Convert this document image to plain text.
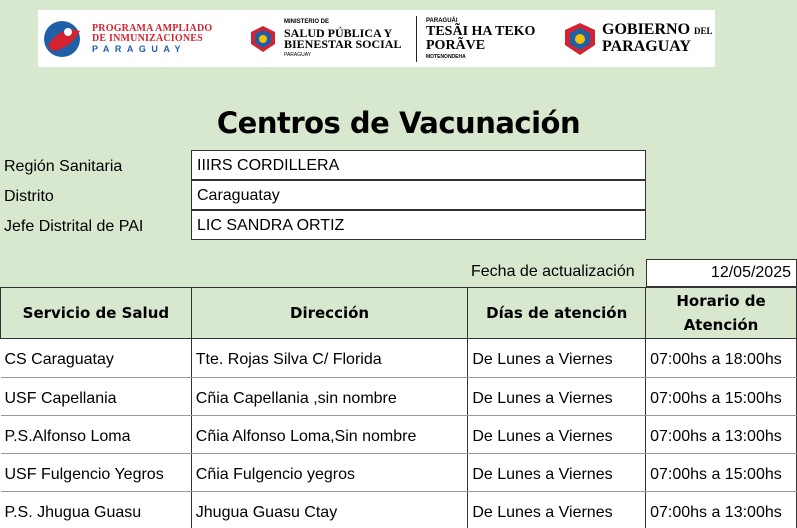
PROGRAMA AMPLIADO
DE INMUNIZACIONES
PARAGUAY
MINISTERIO DE
SALUD PÚBLICA Y
BIENESTAR SOCIAL
PARAGUAY
PARAGUÁI
TESÃI HA TEKO
PORÃVE
MOTENONDEHA
GOBIERNO DEL
PARAGUAY
Centros de Vacunación
Región Sanitaria	IIIRS CORDILLERA
Distrito	Caraguatay
Jefe Distrital de PAI	LIC SANDRA ORTIZ
Fecha de actualización	12/05/2025
Servicio de Salud	Dirección	Días de atención	Horario de
Atención

CS Caraguatay	Tte. Rojas Silva C/ Florida	De Lunes a Viernes	07:00hs a 18:00hs
USF Capellania	Cñia Capellania ,sin nombre	De Lunes a Viernes	07:00hs a 15:00hs
P.S.Alfonso Loma	Cñia Alfonso Loma,Sin nombre	De Lunes a Viernes	07:00hs a 13:00hs
USF Fulgencio Yegros	Cñia Fulgencio yegros	De Lunes a Viernes	07:00hs a 15:00hs
P.S. Jhugua Guasu	Jhugua Guasu Ctay	De Lunes a Viernes	07:00hs a 13:00hs
